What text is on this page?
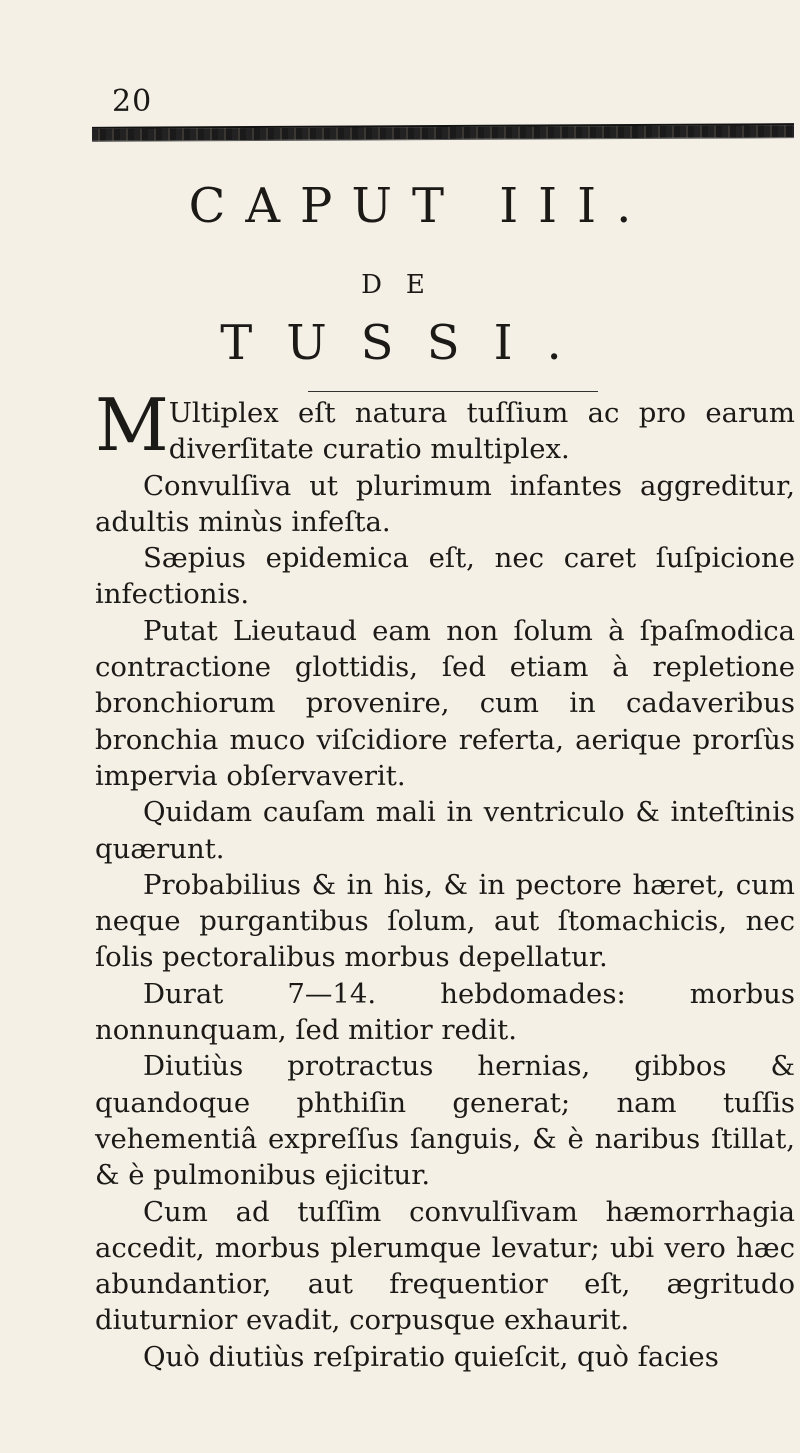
20
CAPUT III.
DE
TUSSI.

M Ultiplex eſt natura tuſſium ac pro earum diverſitate curatio multiplex.

Convulſiva ut plurimum infantes aggreditur, adultis minùs infeſta.

Sæpius epidemica eſt, nec caret ſuſpicione infectionis.

Putat Lieutaud eam non ſolum à ſpaſmodica contractione glottidis, ſed etiam à repletione bronchiorum provenire, cum in cadaveribus bronchia muco viſcidiore referta, aerique prorſùs impervia obſervaverit.

Quidam cauſam mali in ventriculo & inteſtinis quærunt.

Probabilius & in his, & in pectore hæret, cum neque purgantibus ſolum, aut ſtomachicis, nec ſolis pectoralibus morbus depellatur.

Durat 7—14. hebdomades: morbus nonnunquam, ſed mitior redit.

Diutiùs protractus hernias, gibbos & quandoque phthiſin generat; nam tuſſis vehementiâ expreſſus ſanguis, & è naribus ſtillat, & è pulmonibus ejicitur.

Cum ad tuſſim convulſivam hæmorrhagia accedit, morbus plerumque levatur; ubi vero hæc abundantior, aut frequentior eſt, ægritudo diuturnior evadit, corpusque exhaurit.

Quò diutiùs reſpiratio quieſcit, quò facies
